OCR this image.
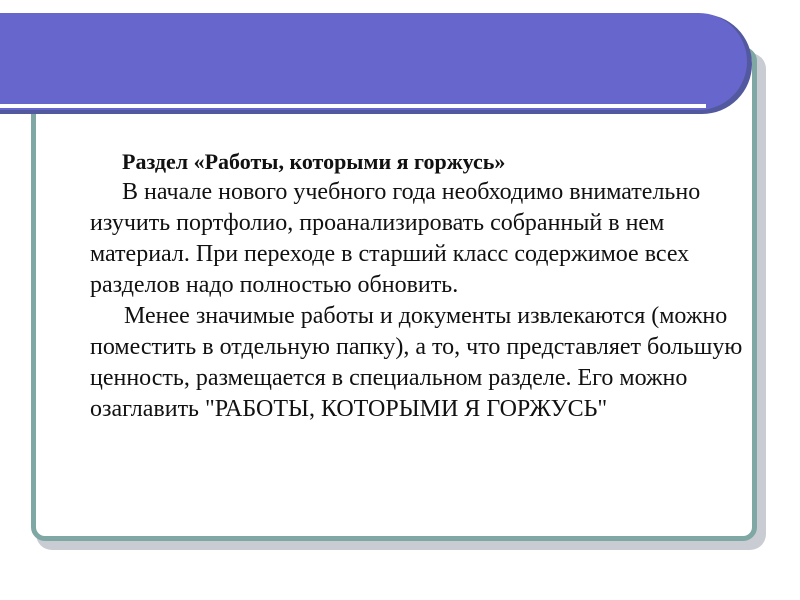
Раздел «Работы, которыми я горжусь»

В начале нового учебного года необходимо внимательно изучить портфолио, проанализировать собранный в нем материал. При переходе в старший класс содержимое всех разделов надо полностью обновить.

Менее значимые работы и документы извлекаются (можно поместить в отдельную папку), а то, что представляет большую ценность, размещается в специальном разделе. Его можно озаглавить "РАБОТЫ, КОТОРЫМИ Я ГОРЖУСЬ"
